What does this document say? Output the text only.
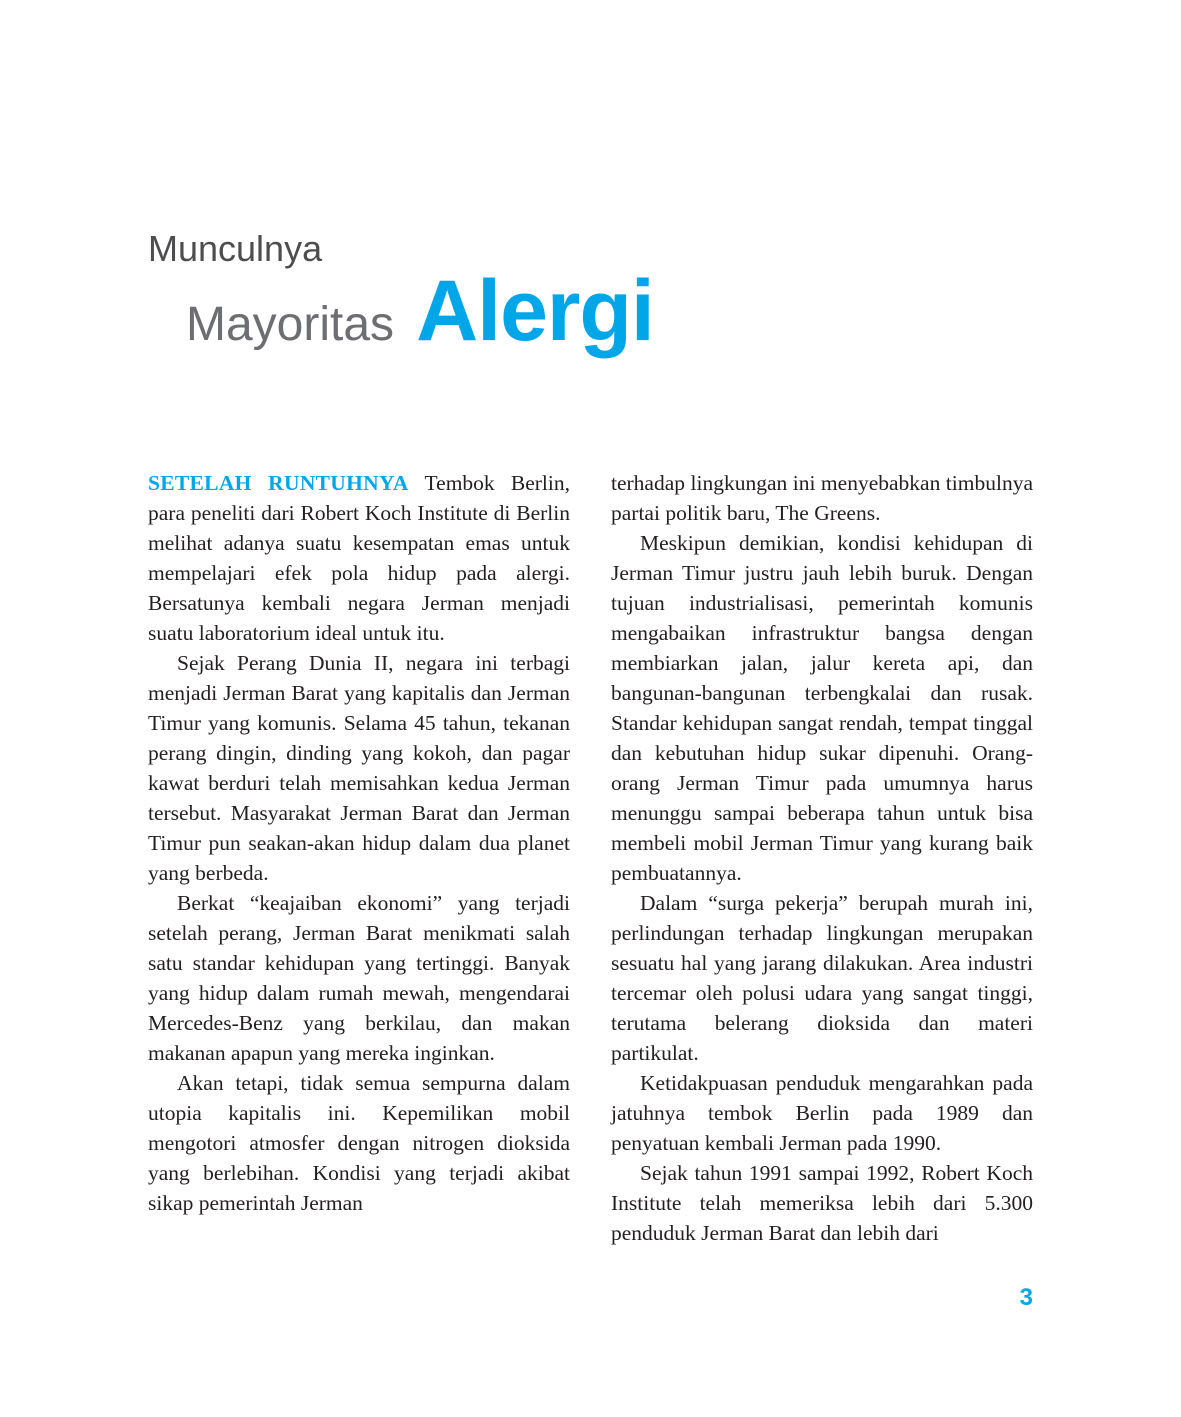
Munculnya
Mayoritas Alergi

SETELAH RUNTUHNYA Tembok Berlin, para peneliti dari Robert Koch Institute di Berlin melihat adanya suatu kesempatan emas untuk mempelajari efek pola hidup pada alergi. Bersatunya kembali negara Jerman menjadi suatu laboratorium ideal untuk itu.

Sejak Perang Dunia II, negara ini terbagi menjadi Jerman Barat yang kapitalis dan Jerman Timur yang komunis. Selama 45 tahun, tekanan perang dingin, dinding yang kokoh, dan pagar kawat berduri telah memisahkan kedua Jerman tersebut. Masyarakat Jerman Barat dan Jerman Timur pun seakan-akan hidup dalam dua planet yang berbeda.

Berkat “keajaiban ekonomi” yang terjadi setelah perang, Jerman Barat menikmati salah satu standar kehidupan yang tertinggi. Banyak yang hidup dalam rumah mewah, mengendarai Mercedes-Benz yang berkilau, dan makan makanan apapun yang mereka inginkan.

Akan tetapi, tidak semua sempurna dalam utopia kapitalis ini. Kepemilikan mobil mengotori atmosfer dengan nitrogen dioksida yang berlebihan. Kondisi yang terjadi akibat sikap pemerintah Jerman

terhadap lingkungan ini menyebabkan timbulnya partai politik baru, The Greens.

Meskipun demikian, kondisi kehidupan di Jerman Timur justru jauh lebih buruk. Dengan tujuan industrialisasi, pemerintah komunis mengabaikan infrastruktur bangsa dengan membiarkan jalan, jalur kereta api, dan bangunan-bangunan terbengkalai dan rusak. Standar kehidupan sangat rendah, tempat tinggal dan kebutuhan hidup sukar dipenuhi. Orang-orang Jerman Timur pada umumnya harus menunggu sampai beberapa tahun untuk bisa membeli mobil Jerman Timur yang kurang baik pembuatannya.

Dalam “surga pekerja” berupah murah ini, perlindungan terhadap lingkungan merupakan sesuatu hal yang jarang dilakukan. Area industri tercemar oleh polusi udara yang sangat tinggi, terutama belerang dioksida dan materi partikulat.

Ketidakpuasan penduduk mengarahkan pada jatuhnya tembok Berlin pada 1989 dan penyatuan kembali Jerman pada 1990.

Sejak tahun 1991 sampai 1992, Robert Koch Institute telah memeriksa lebih dari 5.300 penduduk Jerman Barat dan lebih dari

3
